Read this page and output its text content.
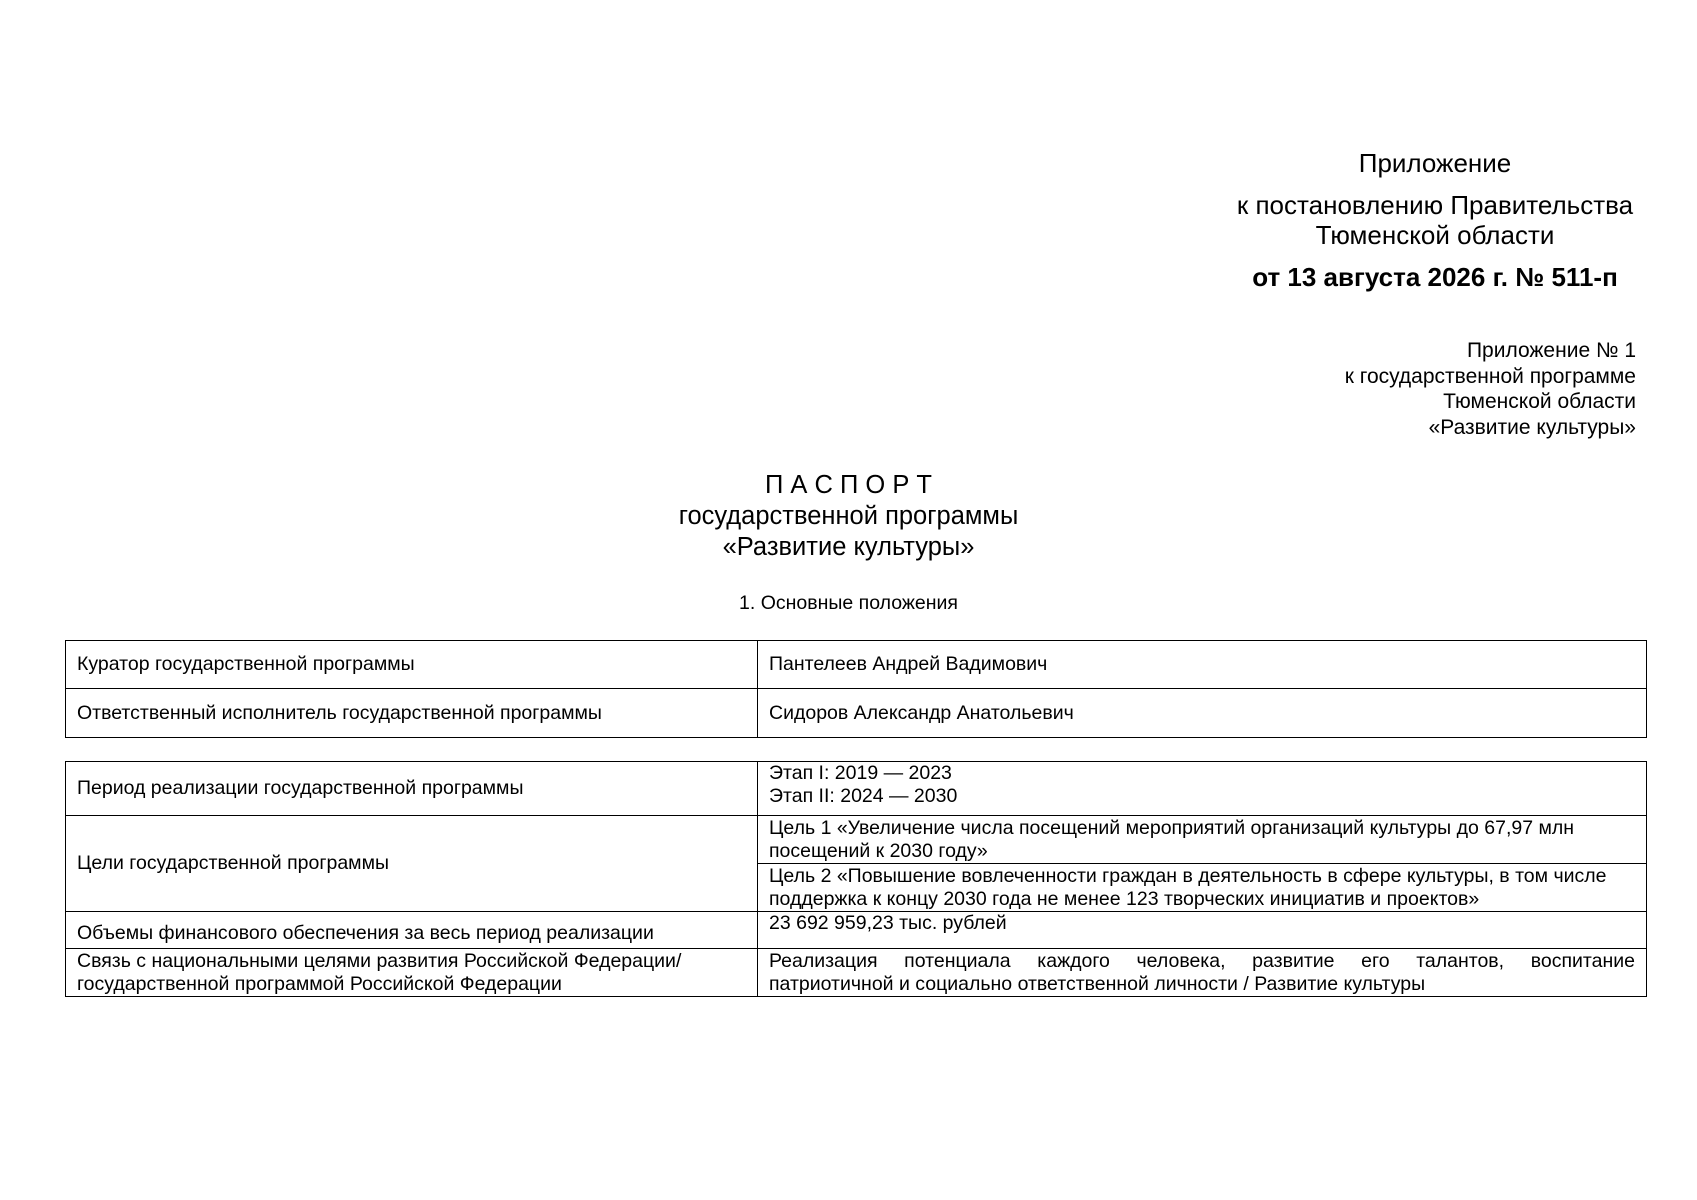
Приложение
к постановлению Правительства
Тюменской области
от 13 августа 2026 г. № 511-п
Приложение № 1
к государственной программе
Тюменской области
«Развитие культуры»
П А С П О Р Т
государственной программы
«Развитие культуры»
1. Основные положения
Куратор государственной программы	Пантелеев Андрей Вадимович
Ответственный исполнитель государственной программы	Сидоров Александр Анатольевич
Период реализации государственной программы	Этап I: 2019 — 2023
Этап II: 2024 — 2030

Цели государственной программы	Цель 1 «Увеличение числа посещений мероприятий организаций культуры до 67,97 млн посещений к 2030 году»
	Цель 2 «Повышение вовлеченности граждан в деятельность в сфере культуры, в том числе поддержка к концу 2030 года не менее 123 творческих инициатив и проектов»
Объемы финансового обеспечения за весь период реализации	23 692 959,23 тыс. рублей
Связь с национальными целями развития Российской Федерации/ государственной программой Российской Федерации	Реализация потенциала каждого человека, развитие его талантов, воспитание
патриотичной и социально ответственной личности / Развитие культуры
